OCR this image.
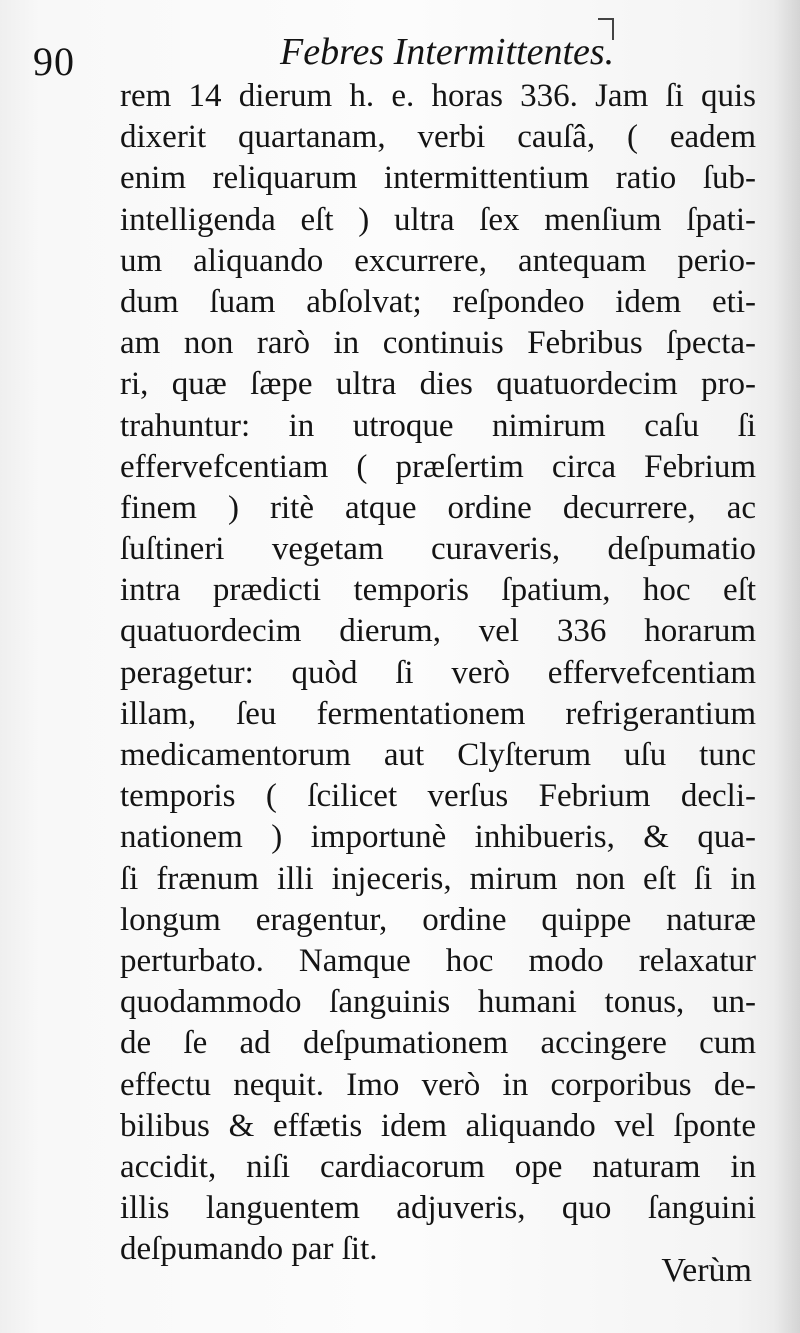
90	Febres Intermittentes.
rem 14 dierum h. e. horas 336. Jam ſi quis
dixerit quartanam, verbi cauſâ, ( eadem
enim reliquarum intermittentium ratio ſub-
intelligenda eſt ) ultra ſex menſium ſpati-
um aliquando excurrere, antequam perio-
dum ſuam abſolvat; reſpondeo idem eti-
am non rarò in continuis Febribus ſpecta-
ri, quæ ſæpe ultra dies quatuordecim pro-
trahuntur: in utroque nimirum caſu ſi
effervefcentiam ( præſertim circa Febrium
finem ) ritè atque ordine decurrere, ac
ſuſtineri vegetam curaveris, deſpumatio
intra prædicti temporis ſpatium, hoc eſt
quatuordecim dierum, vel 336 horarum
peragetur: quòd ſi verò effervefcentiam
illam, ſeu fermentationem refrigerantium
medicamentorum aut Clyſterum uſu tunc
temporis ( ſcilicet verſus Febrium decli-
nationem ) importunè inhibueris, & qua-
ſi frænum illi injeceris, mirum non eſt ſi in
longum eragentur, ordine quippe naturæ
perturbato. Namque hoc modo relaxatur
quodammodo ſanguinis humani tonus, un-
de ſe ad deſpumationem accingere cum
effectu nequit. Imo verò in corporibus de-
bilibus & effætis idem aliquando vel ſponte
accidit, niſi cardiacorum ope naturam in
illis languentem adjuveris, quo ſanguini
deſpumando par ſit.
Verùm
